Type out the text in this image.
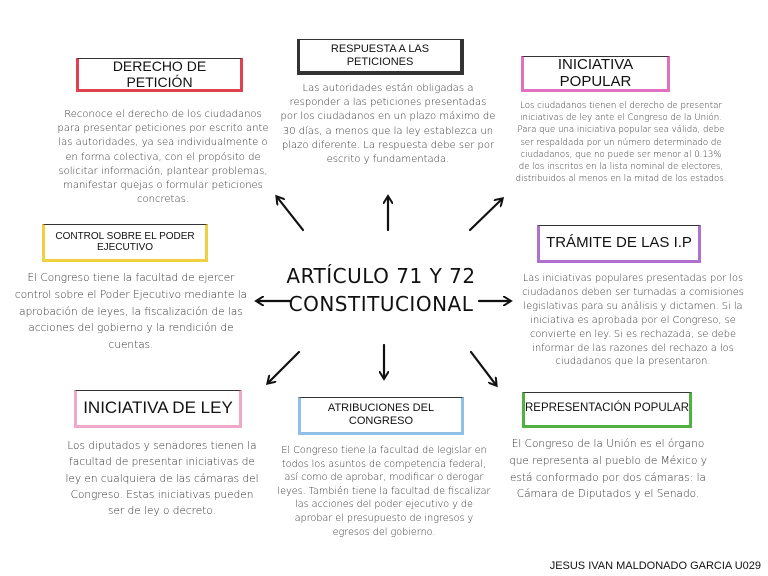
ARTÍCULO 71 Y 72
CONSTITUCIONAL
DERECHO DE PETICIÓN
Reconoce el derecho de los ciudadanos para presentar peticiones por escrito ante las autoridades, ya sea individualmente o en forma colectiva, con el propósito de solicitar información, plantear problemas, manifestar quejas o formular peticiones concretas.
RESPUESTA A LAS PETICIONES
Las autoridades están obligadas a responder a las peticiones presentadas por los ciudadanos en un plazo máximo de 30 días, a menos que la ley establezca un plazo diferente. La respuesta debe ser por escrito y fundamentada.
INICIATIVA POPULAR
Los ciudadanos tienen el derecho de presentar iniciativas de ley ante el Congreso de la Unión. Para que una iniciativa popular sea válida, debe ser respaldada por un número determinado de ciudadanos, que no puede ser menor al 0.13% de los inscritos en la lista nominal de electores, distribuidos al menos en la mitad de los estados.
CONTROL SOBRE EL PODER EJECUTIVO
El Congreso tiene la facultad de ejercer control sobre el Poder Ejecutivo mediante la aprobación de leyes, la fiscalización de las acciones del gobierno y la rendición de cuentas.
TRÁMITE DE LAS I.P
Las iniciativas populares presentadas por los ciudadanos deben ser turnadas a comisiones legislativas para su análisis y dictamen. Si la iniciativa es aprobada por el Congreso, se convierte en ley. Si es rechazada, se debe informar de las razones del rechazo a los ciudadanos que la presentaron.
INICIATIVA DE LEY
Los diputados y senadores tienen la facultad de presentar iniciativas de ley en cualquiera de las cámaras del Congreso. Estas iniciativas pueden ser de ley o decreto.
ATRIBUCIONES DEL CONGRESO
El Congreso tiene la facultad de legislar en todos los asuntos de competencia federal, así como de aprobar, modificar o derogar leyes. También tiene la facultad de fiscalizar las acciones del poder ejecutivo y de aprobar el presupuesto de ingresos y egresos del gobierno.
REPRESENTACIÓN POPULAR
El Congreso de la Unión es el órgano que representa al pueblo de México y está conformado por dos cámaras: la Cámara de Diputados y el Senado.
JESUS IVAN MALDONADO GARCIA U029
